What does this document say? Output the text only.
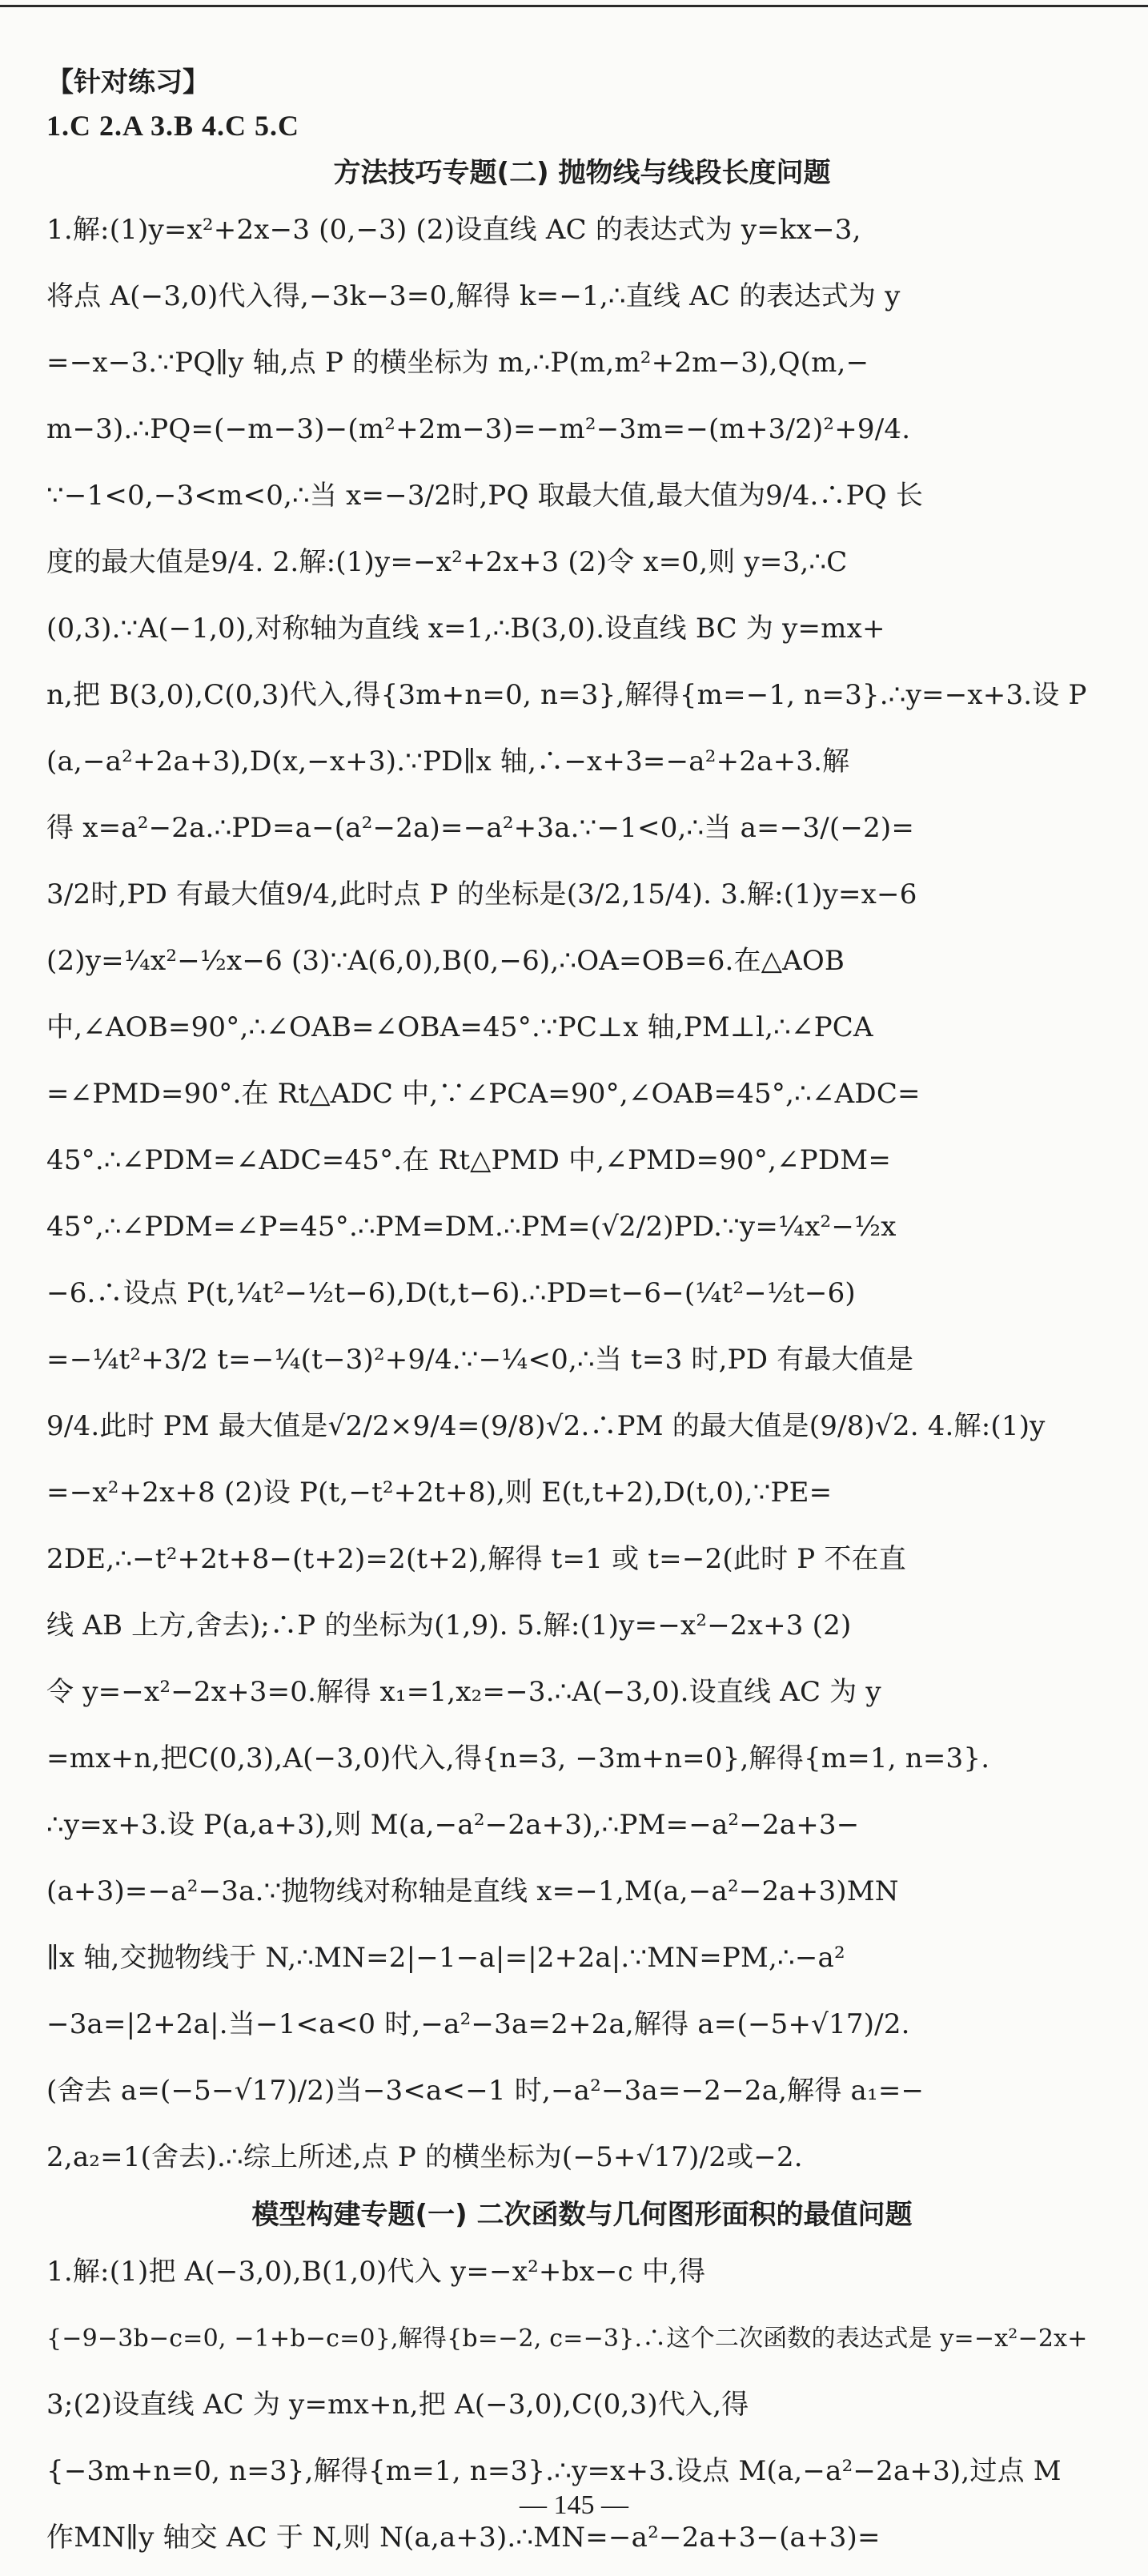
【针对练习】
1.C 2.A 3.B 4.C 5.C
方法技巧专题(二) 抛物线与线段长度问题
1.解:(1)y=x²+2x−3 (0,−3) (2)设直线 AC 的表达式为 y=kx−3,
将点 A(−3,0)代入得,−3k−3=0,解得 k=−1,∴直线 AC 的表达式为 y
=−x−3.∵PQ∥y 轴,点 P 的横坐标为 m,∴P(m,m²+2m−3),Q(m,−
m−3).∴PQ=(−m−3)−(m²+2m−3)=−m²−3m=−(m+3/2)²+9/4.
∵−1<0,−3<m<0,∴当 x=−3/2时,PQ 取最大值,最大值为9/4.∴PQ 长
度的最大值是9/4. 2.解:(1)y=−x²+2x+3 (2)令 x=0,则 y=3,∴C
(0,3).∵A(−1,0),对称轴为直线 x=1,∴B(3,0).设直线 BC 为 y=mx+
n,把 B(3,0),C(0,3)代入,得{3m+n=0, n=3},解得{m=−1, n=3}.∴y=−x+3.设 P
(a,−a²+2a+3),D(x,−x+3).∵PD∥x 轴,∴−x+3=−a²+2a+3.解
得 x=a²−2a.∴PD=a−(a²−2a)=−a²+3a.∵−1<0,∴当 a=−3/(−2)=
3/2时,PD 有最大值9/4,此时点 P 的坐标是(3/2,15/4). 3.解:(1)y=x−6
(2)y=¼x²−½x−6 (3)∵A(6,0),B(0,−6),∴OA=OB=6.在△AOB
中,∠AOB=90°,∴∠OAB=∠OBA=45°.∵PC⊥x 轴,PM⊥l,∴∠PCA
=∠PMD=90°.在 Rt△ADC 中,∵∠PCA=90°,∠OAB=45°,∴∠ADC=
45°.∴∠PDM=∠ADC=45°.在 Rt△PMD 中,∠PMD=90°,∠PDM=
45°,∴∠PDM=∠P=45°.∴PM=DM.∴PM=(√2/2)PD.∵y=¼x²−½x
−6.∴设点 P(t,¼t²−½t−6),D(t,t−6).∴PD=t−6−(¼t²−½t−6)
=−¼t²+3/2 t=−¼(t−3)²+9/4.∵−¼<0,∴当 t=3 时,PD 有最大值是
9/4.此时 PM 最大值是√2/2×9/4=(9/8)√2.∴PM 的最大值是(9/8)√2. 4.解:(1)y
=−x²+2x+8 (2)设 P(t,−t²+2t+8),则 E(t,t+2),D(t,0),∵PE=
2DE,∴−t²+2t+8−(t+2)=2(t+2),解得 t=1 或 t=−2(此时 P 不在直
线 AB 上方,舍去);∴P 的坐标为(1,9). 5.解:(1)y=−x²−2x+3 (2)
令 y=−x²−2x+3=0.解得 x₁=1,x₂=−3.∴A(−3,0).设直线 AC 为 y
=mx+n,把C(0,3),A(−3,0)代入,得{n=3, −3m+n=0},解得{m=1, n=3}.
∴y=x+3.设 P(a,a+3),则 M(a,−a²−2a+3),∴PM=−a²−2a+3−
(a+3)=−a²−3a.∵抛物线对称轴是直线 x=−1,M(a,−a²−2a+3)MN
∥x 轴,交抛物线于 N,∴MN=2|−1−a|=|2+2a|.∵MN=PM,∴−a²
−3a=|2+2a|.当−1<a<0 时,−a²−3a=2+2a,解得 a=(−5+√17)/2.
(舍去 a=(−5−√17)/2)当−3<a<−1 时,−a²−3a=−2−2a,解得 a₁=−
2,a₂=1(舍去).∴综上所述,点 P 的横坐标为(−5+√17)/2或−2.
模型构建专题(一) 二次函数与几何图形面积的最值问题
1.解:(1)把 A(−3,0),B(1,0)代入 y=−x²+bx−c 中,得
{−9−3b−c=0, −1+b−c=0},解得{b=−2, c=−3}.∴这个二次函数的表达式是 y=−x²−2x+
3;(2)设直线 AC 为 y=mx+n,把 A(−3,0),C(0,3)代入,得
{−3m+n=0, n=3},解得{m=1, n=3}.∴y=x+3.设点 M(a,−a²−2a+3),过点 M
作MN∥y 轴交 AC 于 N,则 N(a,a+3).∴MN=−a²−2a+3−(a+3)=
— 145 —
